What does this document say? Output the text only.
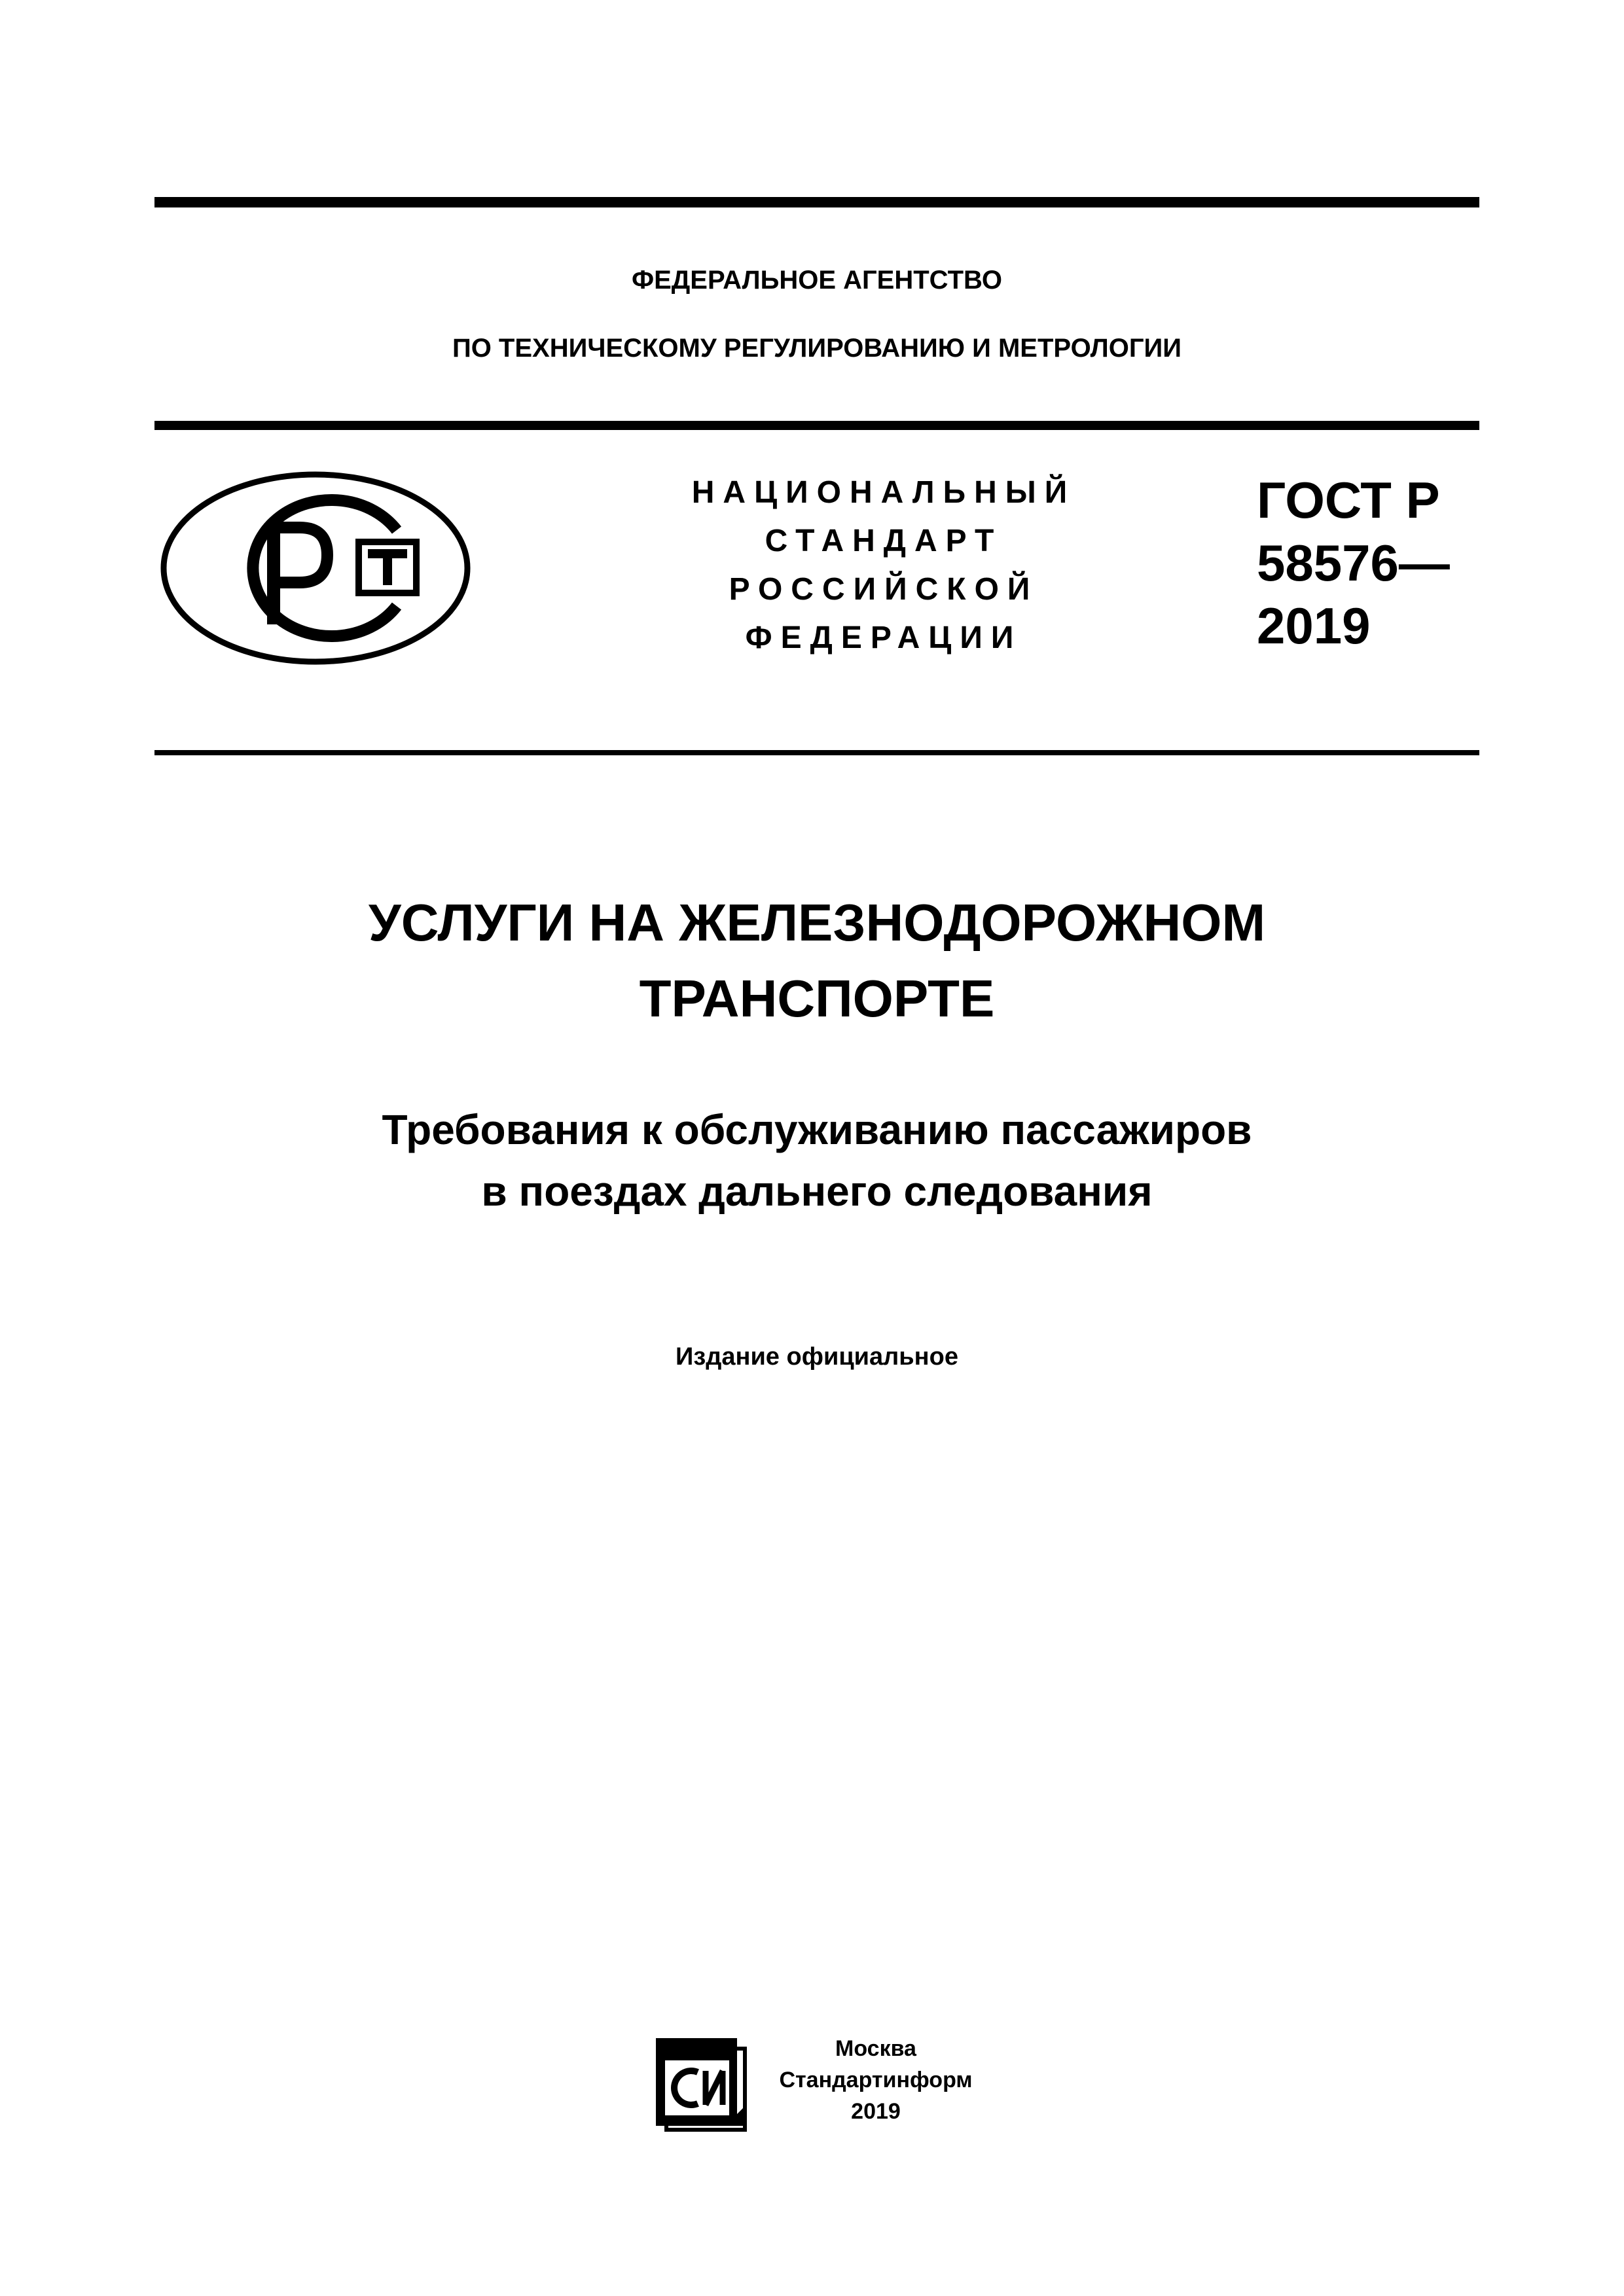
ФЕДЕРАЛЬНОЕ АГЕНТСТВО
ПО ТЕХНИЧЕСКОМУ РЕГУЛИРОВАНИЮ И МЕТРОЛОГИИ
НАЦИОНАЛЬНЫЙ
СТАНДАРТ
РОССИЙСКОЙ
ФЕДЕРАЦИИ
ГОСТ Р
58576—
2019
УСЛУГИ НА ЖЕЛЕЗНОДОРОЖНОМ
ТРАНСПОРТЕ
Требования к обслуживанию пассажиров
в поездах дальнего следования
Издание официальное
Москва
Стандартинформ
2019
